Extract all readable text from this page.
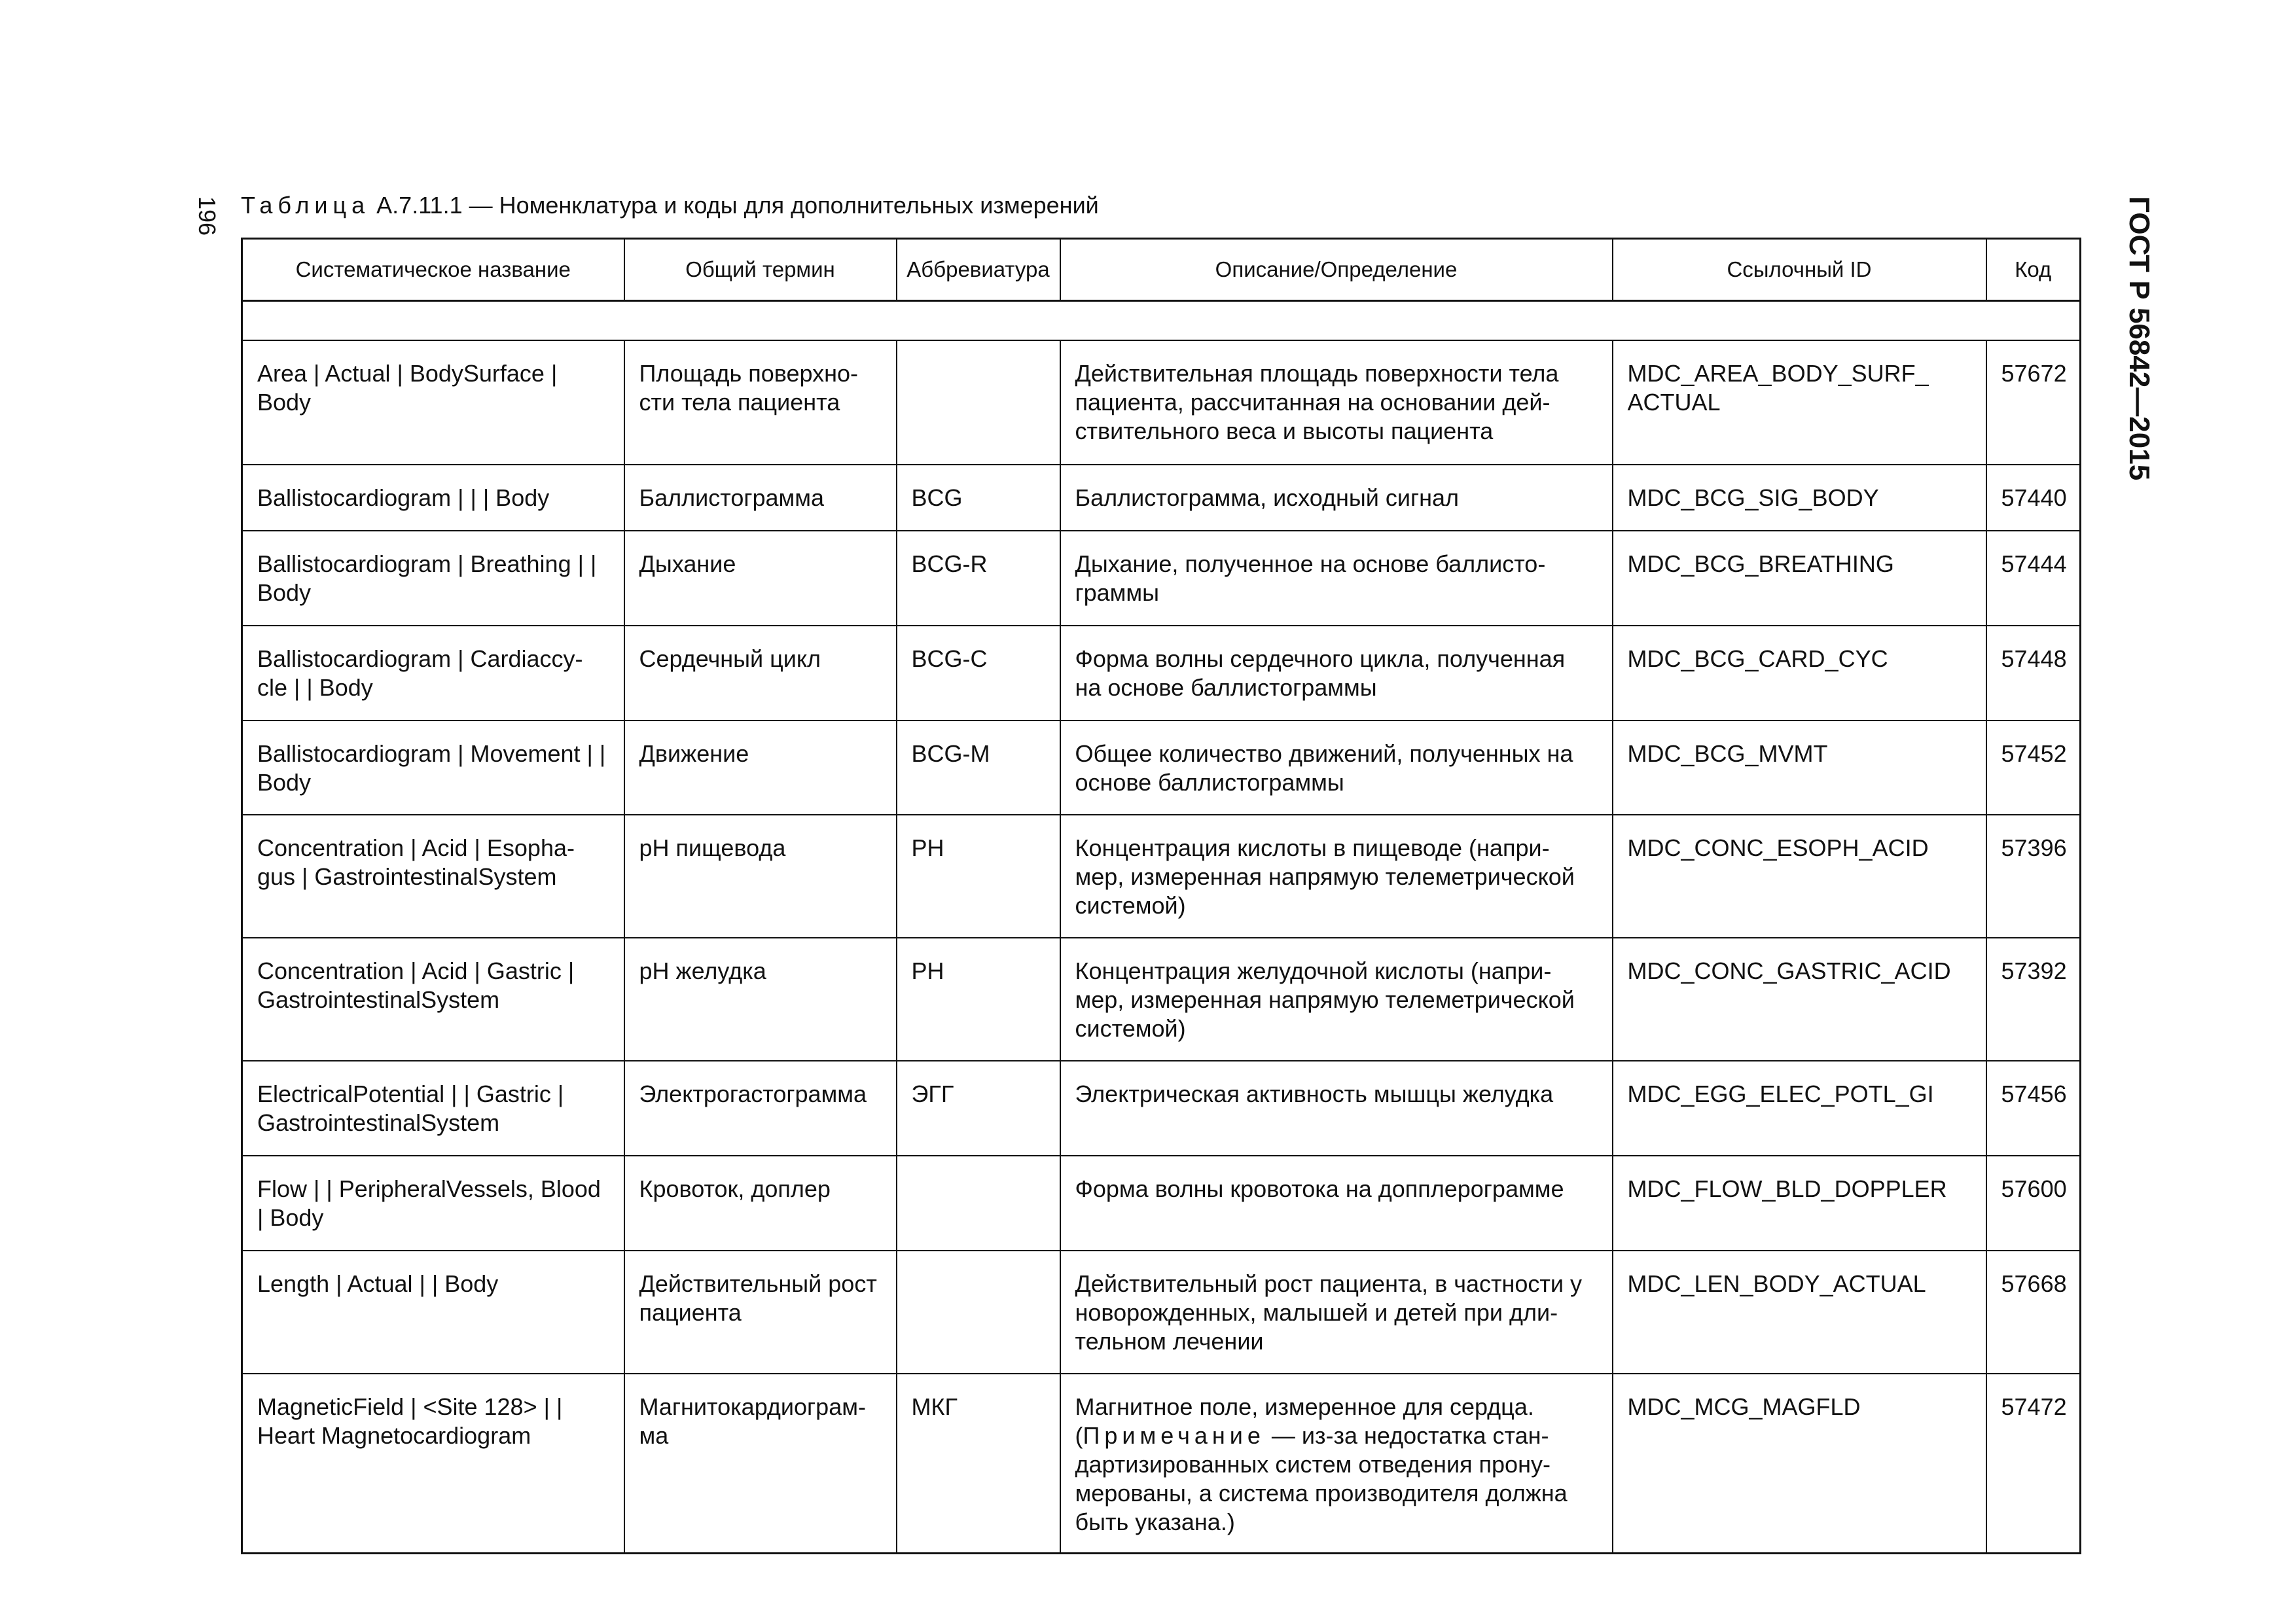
196	ГОСТ Р 56842—2015
Таблица А.7.11.1 — Номенклатура и коды для дополнительных измерений
Систематическое название	Общий термин	Аббревиатура	Описание/Определение	Ссылочный ID	Код

Area | Actual | BodySurface | Body	Площадь поверхно-сти тела пациента		Действительная площадь поверхности тела пациента, рассчитанная на основании дей-ствительного веса и высоты пациента	MDC_AREA_BODY_SURF_ ACTUAL	57672
Ballistocardiogram | | | Body	Баллистограмма	BCG	Баллистограмма, исходный сигнал	MDC_BCG_SIG_BODY	57440
Ballistocardiogram | Breathing | | Body	Дыхание	BCG-R	Дыхание, полученное на основе баллисто-граммы	MDC_BCG_BREATHING	57444
Ballistocardiogram | Cardiaccy-cle | | Body	Сердечный цикл	BCG-C	Форма волны сердечного цикла, полученная на основе баллистограммы	MDC_BCG_CARD_CYC	57448
Ballistocardiogram | Movement | | Body	Движение	BCG-M	Общее количество движений, полученных на основе баллистограммы	MDC_BCG_MVMT	57452
Concentration | Acid | Esopha-gus | GastrointestinalSystem	pH пищевода	PH	Концентрация кислоты в пищеводе (напри-мер, измеренная напрямую телеметрической системой)	MDC_CONC_ESOPH_ACID	57396
Concentration | Acid | Gastric | GastrointestinalSystem	pH желудка	PH	Концентрация желудочной кислоты (напри-мер, измеренная напрямую телеметрической системой)	MDC_CONC_GASTRIC_ACID	57392
ElectricalPotential | | Gastric | GastrointestinalSystem	Электрогастограмма	ЭГГ	Электрическая активность мышцы желудка	MDC_EGG_ELEC_POTL_GI	57456
Flow | | PeripheralVessels, Blood | Body	Кровоток, доплер		Форма волны кровотока на допплерограмме	MDC_FLOW_BLD_DOPPLER	57600
Length | Actual | | Body	Действительный рост пациента		Действительный рост пациента, в частности у новорожденных, малышей и детей при дли-тельном лечении	MDC_LEN_BODY_ACTUAL	57668
MagneticField | <Site 128> | | Heart Magnetocardiogram	Магнитокардиограм-ма	МКГ	Магнитное поле, измеренное для сердца. (Примечание — из-за недостатка стан-дартизированных систем отведения прону-мерованы, а система производителя должна быть указана.)	MDC_MCG_MAGFLD	57472
